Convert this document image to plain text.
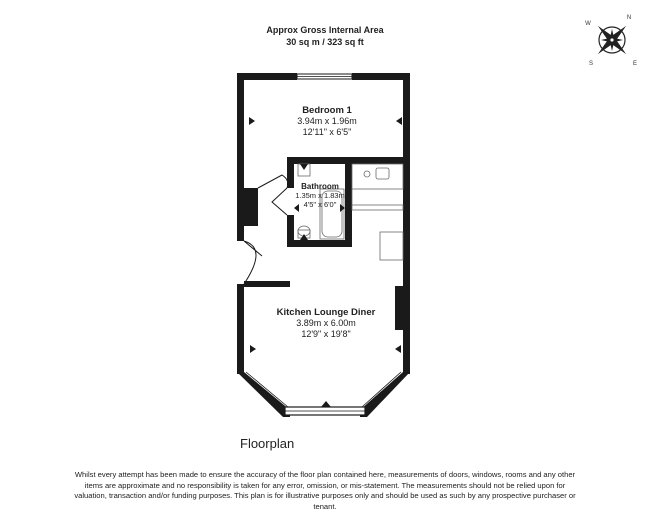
Approx Gross Internal Area
30 sq m / 323 sq ft
N
E
S
W
Bedroom 1
3.94m x 1.96m
12'11" x 6'5"
Bathroom
1.35m x 1.83m
4'5" x 6'0"
Kitchen Lounge Diner
3.89m x 6.00m
12'9" x 19'8"
Floorplan
Whilst every attempt has been made to ensure the accuracy of the floor plan contained here, measurements of doors, windows, rooms and any other items are approximate and no responsibility is taken for any error, omission, or mis-statement. The measurements should not be relied upon for valuation, transaction and/or funding purposes. This plan is for illustrative purposes only and should be used as such by any prospective purchaser or tenant.
